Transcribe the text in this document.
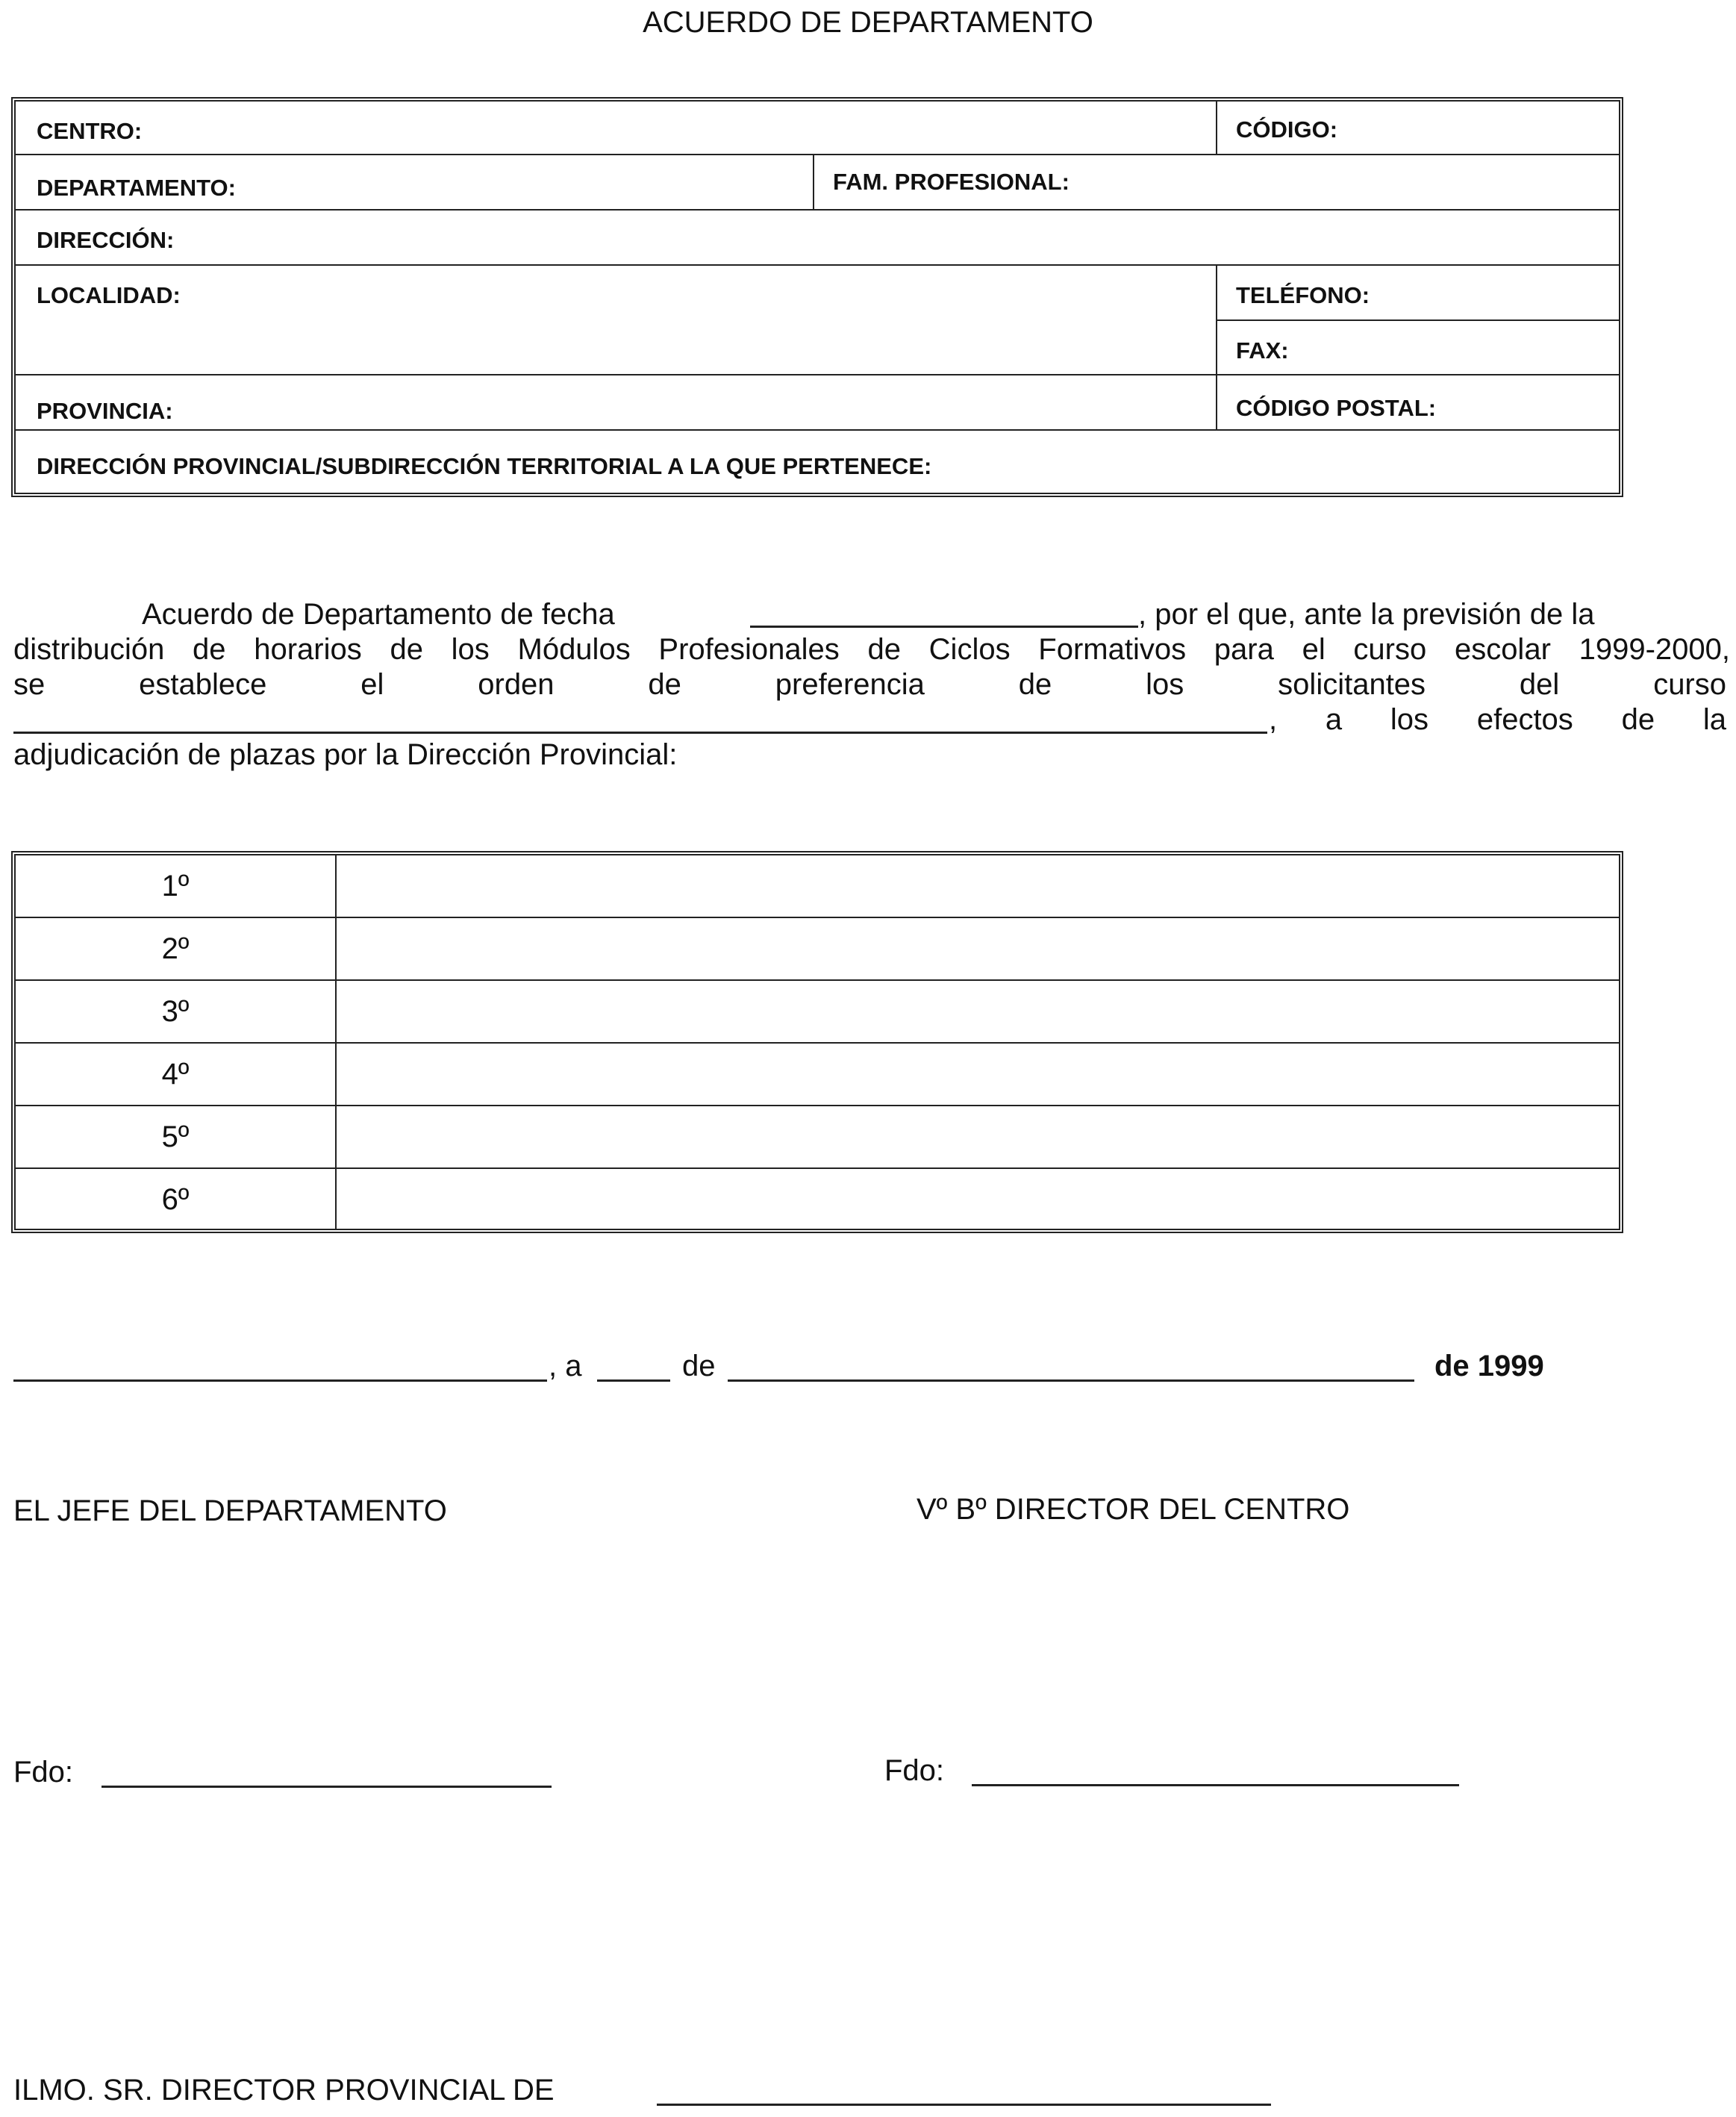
ACUERDO DE DEPARTAMENTO
CENTRO:	CÓDIGO:
DEPARTAMENTO:	FAM. PROFESIONAL:
DIRECCIÓN:
LOCALIDAD:	TELÉFONO:
FAX:
PROVINCIA:	CÓDIGO POSTAL:
DIRECCIÓN PROVINCIAL/SUBDIRECCIÓN TERRITORIAL A LA QUE PERTENECE:
Acuerdo de Departamento de fecha	, por el que, ante la previsión de la
distribución de horarios de los Módulos Profesionales de Ciclos Formativos para el curso escolar 1999-2000,
se establece el orden de preferencia de los solicitantes del curso
, a los efectos de la
adjudicación de plazas por la Dirección Provincial:
1º
2º
3º
4º
5º
6º
, a	de	de 1999
EL JEFE DEL DEPARTAMENTO	Vº Bº DIRECTOR DEL CENTRO
Fdo:	Fdo:
ILMO. SR. DIRECTOR PROVINCIAL DE
